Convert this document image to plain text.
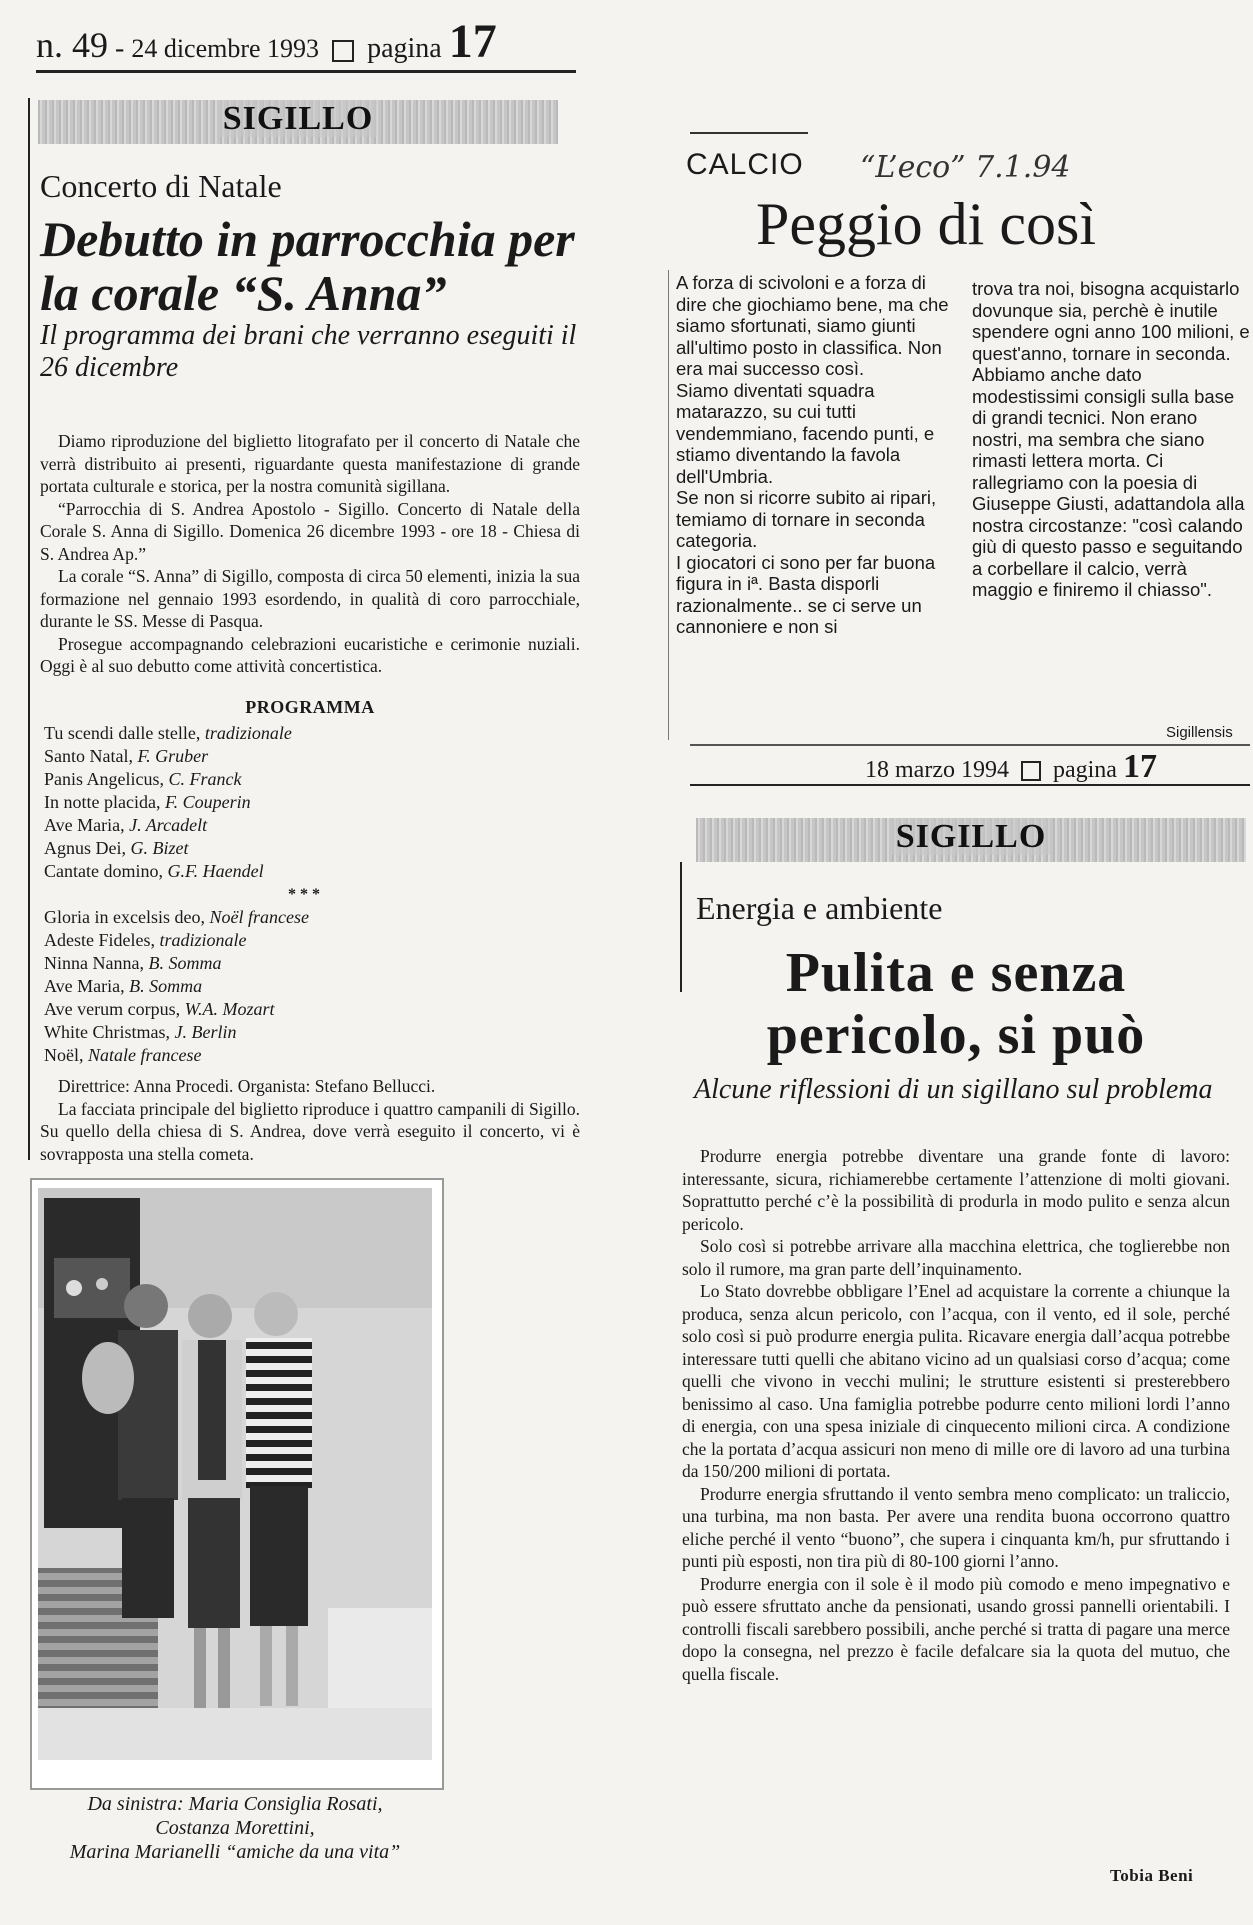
n. 49 - 24 dicembre 1993 pagina 17
SIGILLO
Concerto di Natale
Debutto in parrocchia per la corale “S. Anna”
Il programma dei brani che verranno eseguiti il 26 dicembre

Diamo riproduzione del biglietto litografato per il concerto di Natale che verrà distribuito ai presenti, riguardante questa manifestazione di grande portata culturale e storica, per la nostra comunità sigillana.

“Parrocchia di S. Andrea Apostolo - Sigillo. Concerto di Natale della Corale S. Anna di Sigillo. Domenica 26 dicembre 1993 - ore 18 - Chiesa di S. Andrea Ap.”

La corale “S. Anna” di Sigillo, composta di circa 50 elementi, inizia la sua formazione nel gennaio 1993 esordendo, in qualità di coro parrocchiale, durante le SS. Messe di Pasqua.

Prosegue accompagnando celebrazioni eucaristiche e cerimonie nuziali. Oggi è al suo debutto come attività concertistica.

PROGRAMMA
Tu scendi dalle stelle, tradizionale
Santo Natal, F. Gruber
Panis Angelicus, C. Franck
In notte placida, F. Couperin
Ave Maria, J. Arcadelt
Agnus Dei, G. Bizet
Cantate domino, G.F. Haendel
* * *
Gloria in excelsis deo, Noël francese
Adeste Fideles, tradizionale
Ninna Nanna, B. Somma
Ave Maria, B. Somma
Ave verum corpus, W.A. Mozart
White Christmas, J. Berlin
Noël, Natale francese

Direttrice: Anna Procedi. Organista: Stefano Bellucci.

La facciata principale del biglietto riproduce i quattro campanili di Sigillo. Su quello della chiesa di S. Andrea, dove verrà eseguito il concerto, vi è sovrapposta una stella cometa.

Da sinistra: Maria Consiglia Rosati,
Costanza Morettini,
Marina Marianelli “amiche da una vita”
CALCIO “L’eco” 7.1.94
Peggio di così

A forza di scivoloni e a forza di dire che giochiamo bene, ma che siamo sfortunati, siamo giunti all'ultimo posto in classifica. Non era mai successo così.

Siamo diventati squadra matarazzo, su cui tutti vendemmiano, facendo punti, e stiamo diventando la favola dell'Umbria.

Se non si ricorre subito ai ripari, temiamo di tornare in seconda categoria.

I giocatori ci sono per far buona figura in iª. Basta disporli razionalmente.. se ci serve un cannoniere e non si

trova tra noi, bisogna acquistarlo dovunque sia, perchè è inutile spendere ogni anno 100 milioni, e quest'anno, tornare in seconda.

Abbiamo anche dato modestissimi consigli sulla base di grandi tecnici. Non erano nostri, ma sembra che siano rimasti lettera morta. Ci rallegriamo con la poesia di Giuseppe Giusti, adattandola alla nostra circostanze: "così calando giù di questo passo e seguitando a corbellare il calcio, verrà maggio e finiremo il chiasso".

Sigillensis
18 marzo 1994 pagina 17
SIGILLO
Energia e ambiente
Pulita e senza
pericolo, si può
Alcune riflessioni di un sigillano sul problema

Produrre energia potrebbe diventare una grande fonte di lavoro: interessante, sicura, richiamerebbe certamente l’attenzione di molti giovani. Soprattutto perché c’è la possibilità di produrla in modo pulito e senza alcun pericolo.

Solo così si potrebbe arrivare alla macchina elettrica, che toglierebbe non solo il rumore, ma gran parte dell’inquinamento.

Lo Stato dovrebbe obbligare l’Enel ad acquistare la corrente a chiunque la produca, senza alcun pericolo, con l’acqua, con il vento, ed il sole, perché solo così si può produrre energia pulita. Ricavare energia dall’acqua potrebbe interessare tutti quelli che abitano vicino ad un qualsiasi corso d’acqua; come quelli che vivono in vecchi mulini; le strutture esistenti si presterebbero benissimo al caso. Una famiglia potrebbe podurre cento milioni lordi l’anno di energia, con una spesa iniziale di cinquecento milioni circa. A condizione che la portata d’acqua assicuri non meno di mille ore di lavoro ad una turbina da 150/200 milioni di portata.

Produrre energia sfruttando il vento sembra meno complicato: un traliccio, una turbina, ma non basta. Per avere una rendita buona occorrono quattro eliche perché il vento “buono”, che supera i cinquanta km/h, pur sfruttando i punti più esposti, non tira più di 80-100 giorni l’anno.

Produrre energia con il sole è il modo più comodo e meno impegnativo e può essere sfruttato anche da pensionati, usando grossi pannelli orientabili. I controlli fiscali sarebbero possibili, anche perché si tratta di pagare una merce dopo la consegna, nel prezzo è facile defalcare sia la quota del mutuo, che quella fiscale.

Tobia Beni
